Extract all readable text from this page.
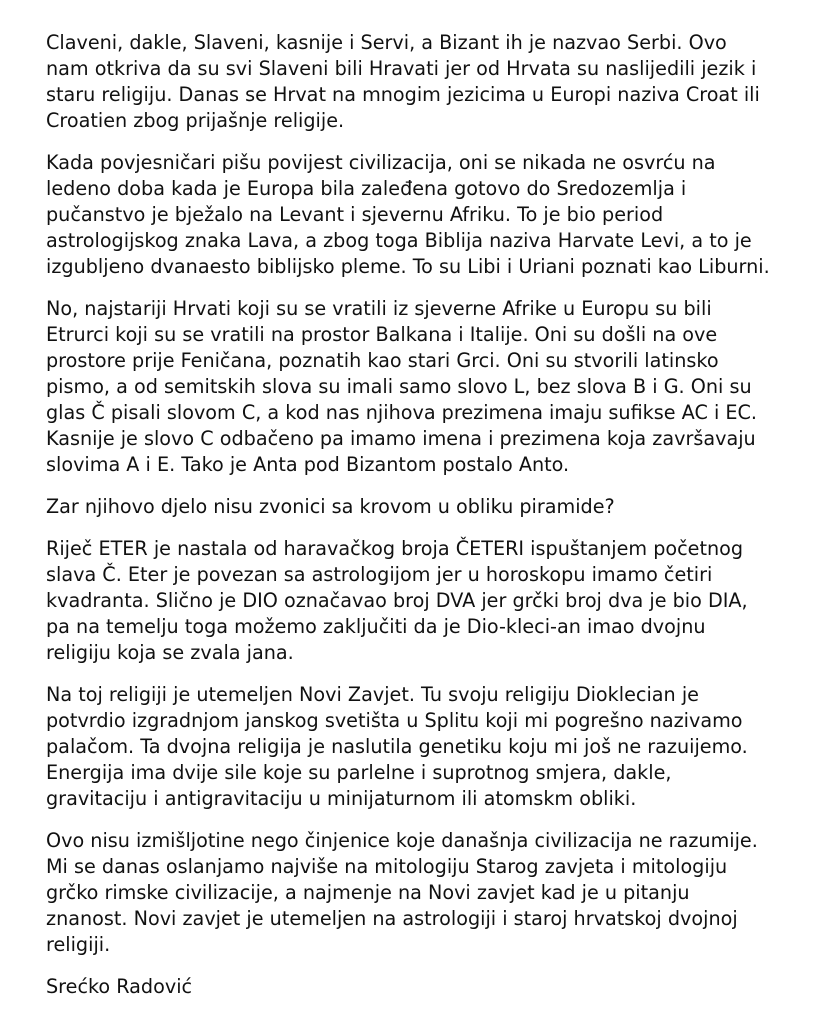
Claveni, dakle, Slaveni, kasnije i Servi, a Bizant ih je nazvao Serbi. Ovo
nam otkriva da su svi Slaveni bili Hravati jer od Hrvata su naslijedili jezik i
staru religiju. Danas se Hrvat na mnogim jezicima u Europi naziva Croat ili
Croatien zbog prijašnje religije.

Kada povjesničari pišu povijest civilizacija, oni se nikada ne osvrću na
ledeno doba kada je Europa bila zaleđena gotovo do Sredozemlja i
pučanstvo je bježalo na Levant i sjevernu Afriku. To je bio period
astrologijskog znaka Lava, a zbog toga Biblija naziva Harvate Levi, a to je
izgubljeno dvanaesto biblijsko pleme. To su Libi i Uriani poznati kao Liburni.

No, najstariji Hrvati koji su se vratili iz sjeverne Afrike u Europu su bili
Etrurci koji su se vratili na prostor Balkana i Italije. Oni su došli na ove
prostore prije Feničana, poznatih kao stari Grci. Oni su stvorili latinsko
pismo, a od semitskih slova su imali samo slovo L, bez slova B i G. Oni su
glas Č pisali slovom C, a kod nas njihova prezimena imaju sufikse AC i EC.
Kasnije je slovo C odbačeno pa imamo imena i prezimena koja završavaju
slovima A i E. Tako je Anta pod Bizantom postalo Anto.

Zar njihovo djelo nisu zvonici sa krovom u obliku piramide?

Riječ ETER je nastala od haravačkog broja ČETERI ispuštanjem početnog
slava Č. Eter je povezan sa astrologijom jer u horoskopu imamo četiri
kvadranta. Slično je DIO označavao broj DVA jer grčki broj dva je bio DIA,
pa na temelju toga možemo zaključiti da je Dio-kleci-an imao dvojnu
religiju koja se zvala jana.

Na toj religiji je utemeljen Novi Zavjet. Tu svoju religiju Dioklecian je
potvrdio izgradnjom janskog svetišta u Splitu koji mi pogrešno nazivamo
palačom. Ta dvojna religija je naslutila genetiku koju mi još ne razuijemo.
Energija ima dvije sile koje su parlelne i suprotnog smjera, dakle,
gravitaciju i antigravitaciju u minijaturnom ili atomskm obliki.

Ovo nisu izmišljotine nego činjenice koje današnja civilizacija ne razumije.
Mi se danas oslanjamo najviše na mitologiju Starog zavjeta i mitologiju
grčko rimske civilizacije, a najmenje na Novi zavjet kad je u pitanju
znanost. Novi zavjet je utemeljen na astrologiji i staroj hrvatskoj dvojnoj
religiji.

Srećko Radović
